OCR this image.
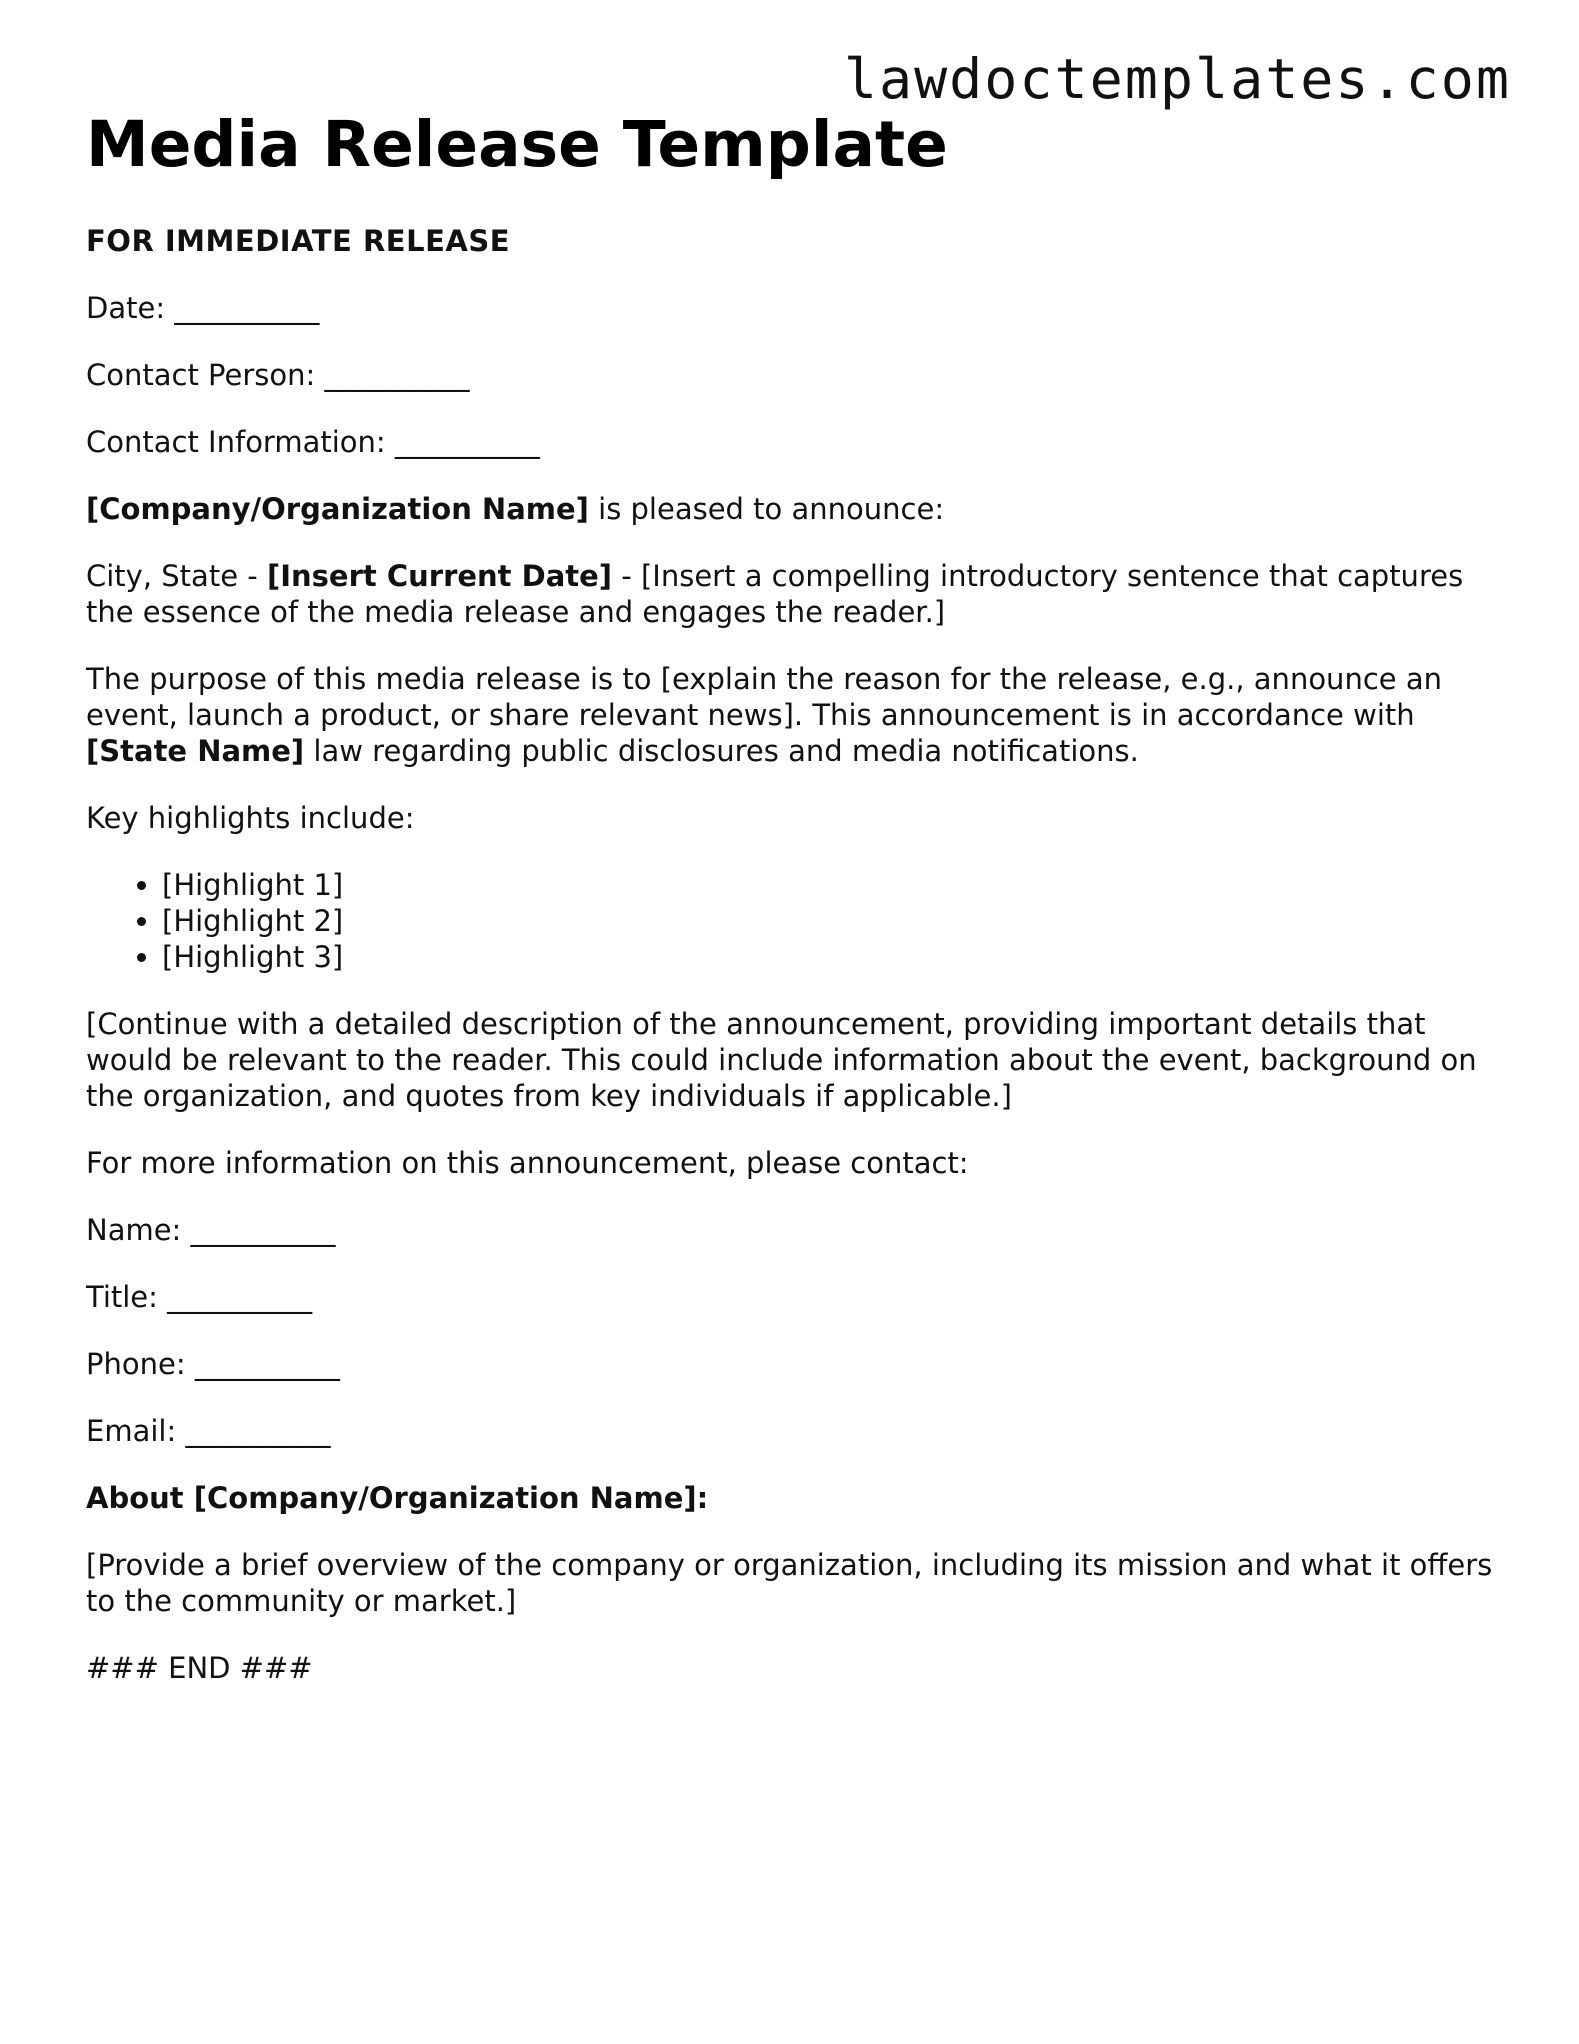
lawdoctemplates.com
Media Release Template

FOR IMMEDIATE RELEASE

Date: __________

Contact Person: __________

Contact Information: __________

[Company/Organization Name] is pleased to announce:

City, State - [Insert Current Date] - [Insert a compelling introductory sentence that captures the essence of the media release and engages the reader.]

The purpose of this media release is to [explain the reason for the release, e.g., announce an event, launch a product, or share relevant news]. This announcement is in accordance with [State Name] law regarding public disclosures and media notifications.

Key highlights include:

• [Highlight 1]
• [Highlight 2]
• [Highlight 3]

[Continue with a detailed description of the announcement, providing important details that would be relevant to the reader. This could include information about the event, background on the organization, and quotes from key individuals if applicable.]

For more information on this announcement, please contact:

Name: __________

Title: __________

Phone: __________

Email: __________

About [Company/Organization Name]:

[Provide a brief overview of the company or organization, including its mission and what it offers to the community or market.]

### END ###
